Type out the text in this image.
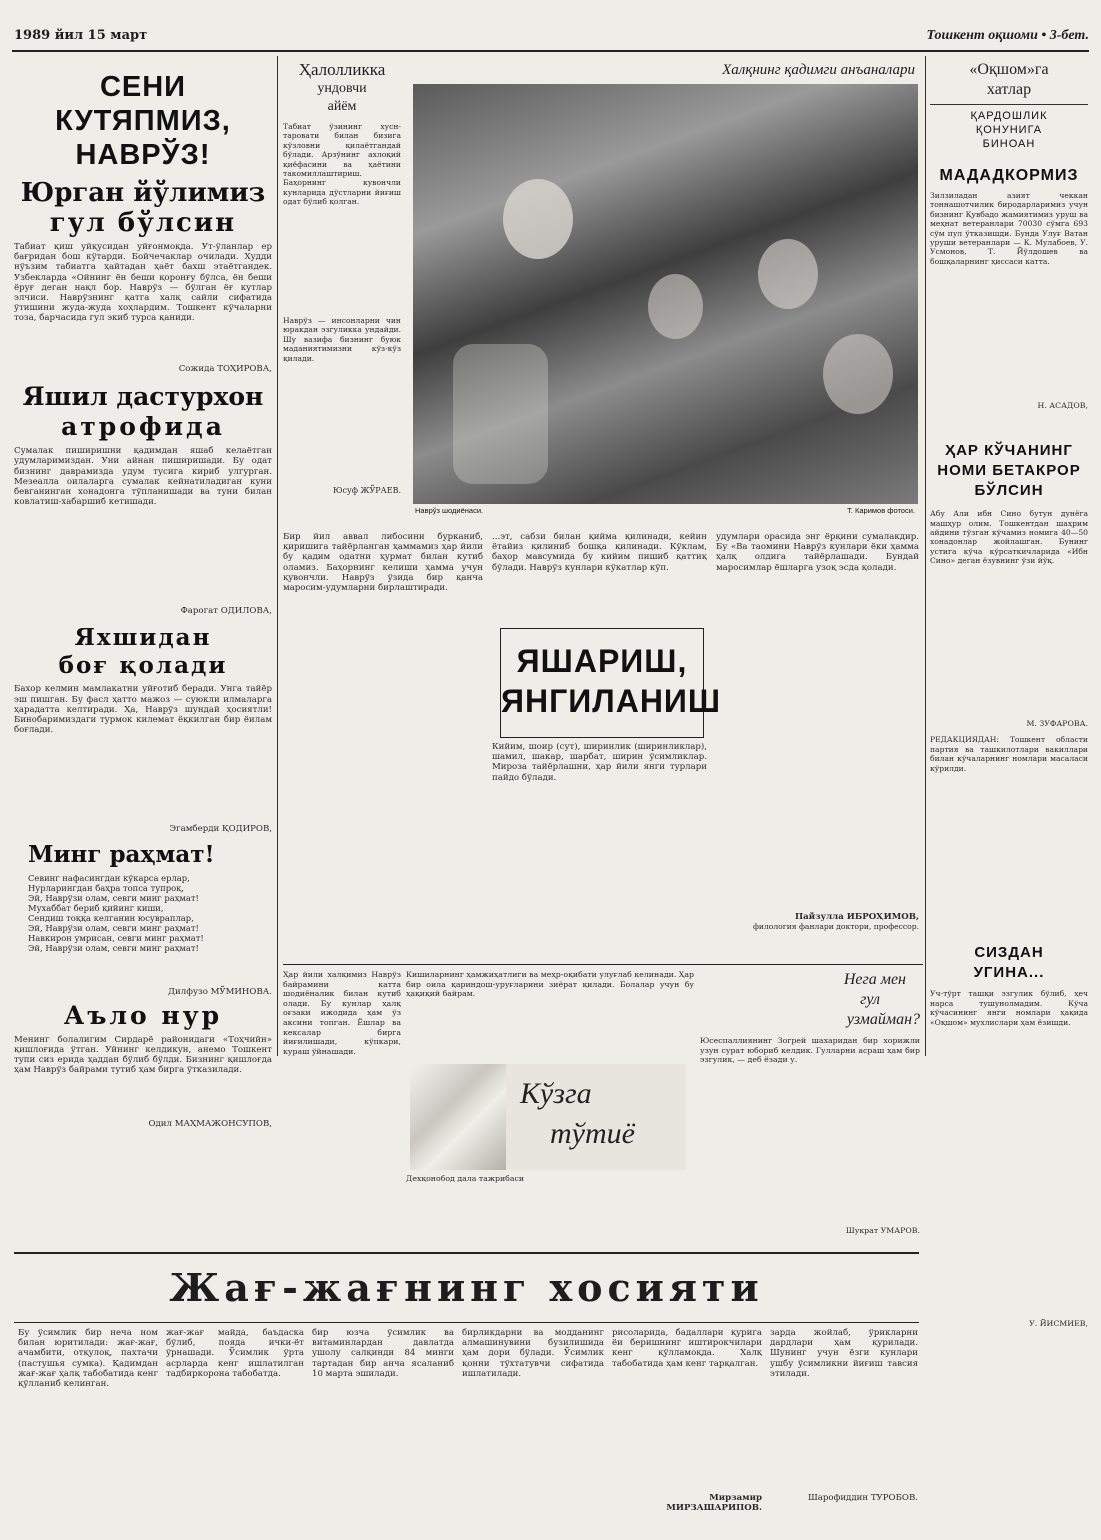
1989 йил 15 март	Тошкент оқшоми • 3-бет.
СЕНИ КУТЯПМИЗ,
НАВРЎЗ!
Юрган йўлимиз
гул бўлсин
Табиат қиш уйқусидан уйғонмоқда. Ут-ўланлар ер бағридан бош кўтарди. Бойчечаклар очилади. Худди нўъзим табиатга ҳайтадан ҳаёт бахш этаётгандек. Узбекларда «Ойнинг ён беши қоронғу бўлса, ён беши ёруғ деган нақл бор. Наврўз — бўлган ёғ кутлар элчиси. Наврўзнинг қатга халқ сайли сифатида ўтишини жуда-жуда хоҳлардим. Тошкент кўчаларни тоза, барчасида гул экиб турса қаниди.
Сожида ТОҲИРОВА,
Яшил дастурхон
атрофида
Сумалак пиширишни қадимдан яшаб келаётган удумларимиздан. Уни айнан пиширишади. Бу одат бизнинг даврамизда удум тусига кириб улгурган. Мезеалла оилаларга сумалак кейнатиладиган куни бевганинган хонадонга тўпланишади ва туни билан ковлатиш-хабаршиб кетишади.
Фарогат ОДИЛОВА,
Яхшидан
боғ қолади
Бахор келмин мамлакатни уйғотиб беради. Унга тайёр эш пишган. Бу фасл ҳатто мажоз — суюкли илмаларга ҳарадатта келтиради. Ҳа, Наврўз шундай ҳосиятли! Бинобаримиздаги турмок килемат ёқкилган бир ёилам боғлади.
Эгамберди ҚОДИРОВ,
Минг раҳмат!
Севинг нафасингдан кўкарса ерлар,
Нурларингдан баҳра топса тупроқ,
Эй, Наврўзи олам, севги минг раҳмат!
Мухаббат бериб қийинг киши,
Сендиш тоққа келганин юсувраплар,
Эй, Наврўзи олам, севги минг раҳмат!
Навкирон умрисан, севги минг раҳмат!
Эй, Наврўзи олам, севги минг раҳмат!
Дилфузо МЎМИНОВА.
Аълo нур
Менинг болалигим Сирдарё районидаги «Тоҳчийн» қишлоғида ўтган. Уйнинг келдикун, анемо Тошкент тупи сиз ерида ҳаддан бўлиб бўлди. Бизнинг қишлоғда ҳам Наврўз байрами тутиб ҳам бирга ўтказилади.
Одил МАҲМАЖОНСУПОВ,
Ҳалолликка
ундовчи
айём
Табиат ўзининг хусн-таровати билан бизига кўзловни қилаётгандай бўлади. Арзўнинг ахлоқий қиёфасини ва ҳаётини такомиллаштириш. Баҳорнинг кувончли кунларида дўстларни йиғиш одат бўлиб қолган.
Наврўз — инсонларни чин юракдан эзгуликка ундайди. Шу вазифа бизнинг буюк маданиятимизни кўз-кўз қилади.
Юсуф ЖЎРАЕВ.
Халқнинг қадимги анъаналари
Наврўз шодиёнаси.	Т. Каримов фотоси.
«Оқшом»га
хатлар
ҚАРДОШЛИК
ҚОНУНИГА
БИНОАН
МАДАДКОРМИЗ
Зилзиладан азият чеккан тоннашотчилик биродарларимиз учун бизнинг Қувбадо жамиятимиз уруш ва меҳнат ветеранлари 70030 сўмга 693 сўм пул ўтказишди. Бунда Улуғ Ватан уруши ветеранлари — К. Мулабоев, У. Усмонов, Т. Йўлдошев ва бошқаларнинг ҳиссаси катта.
Н. АСАДОВ,
ҲАР КЎЧАНИНГ
НОМИ БЕТАКРОР
БЎЛСИН
Абу Али ибн Сино бутун дунёга машҳур олим. Тошкентдан шаҳрим айдини тўзган кўчамиз номига 40—50 хонадонлар жойлашган. Бунинг устига кўча кўрсаткичларида «Ибн Сино» деган ёзувнинг ўзи йўқ.
М. ЗУФАРОВА.
РЕДАКЦИЯДАН: Тошкент области партия ва ташкилотлари вакиллари билан кўчаларнинг номлари масаласи кўрилди.
СИЗДАН
УГИНА...
Уч-тўрт ташқи эзгулик бўлиб, ҳеч нарса тушунолмадим. Кўча кўчасининг янги номлари ҳақида «Оқшом» мухлислари ҳам ёзишди.
У. ЙИСМИЕВ,
Бир йил аввал либосини бурканиб, қиришига тайёрланган ҳаммамиз ҳар йили бу қадим одатни ҳурмат билан кутиб оламиз. Баҳорнинг келиши ҳамма учун қувончли. Наврўз ўзида бир қанча маросим-удумларни бирлаштиради.
...эт, сабзи билан қийма қилинади, кейин ётайиз қилиниб бошқа қилинади. Кўклам, баҳор мавсумида бу кийим пишиб қаттиқ бўлади. Наврўз кунлари кўкатлар кўп.
ЯШАРИШ,
ЯНГИЛАНИШ
Кийим, шоир (сут), ширинлик (ширинликлар), шамил, шакар, шарбат, ширин ўсимликлар. Мироза тайёрлашни, ҳар йили янги турлари пайдо бўлади.
удумлари орасида энг ёрқини сумалакдир. Бу «Ва таомини Наврўз кунлари ёки ҳамма ҳалқ олдига тайёрлашади. Бундай маросимлар ёшларга узоқ эсда қолади.
Пайзулла ИБРОҲИМОВ,
филология фанлари доктори, профессор.
Ҳар йили халқимиз Наврўз байрамини катта шодиёналик билан кутиб олади. Бу кунлар ҳалқ оғзаки ижодида ҳам ўз аксини топган. Ёшлар ва кексалар бирга йиғилишади, кўпкари, кураш ўйнашади.
Кишиларнинг ҳамжиҳатлиги ва меҳр-оқибати улуғлаб келинади. Ҳар бир оила қариндош-уруғларини зиёрат қилади. Болалар учун бу ҳақиқий байрам.
Кўзга
тўтиё
Дехқонобод дала тажрибаси
Нега мен
гул
узмайман?
Юсеспаллиянинг Зогрей шахаридан бир хорижли узун сурат юбориб келдик. Гулларни асраш ҳам бир эзгулик, — деб ёзади у.
Шукрат УМАРОВ.
Жағ-жағнинг хосияти
Бу ўсимлик бир неча ном билан юритилади: жағ-жағ, ачамбити, отқулоқ, пахтачи (пастушья сумка). Қадимдан жағ-жағ ҳалқ табобатида кенг қўлланиб келинган.
жағ-жағ майда, баъдаска бўлиб, пояда ички-ёт ўрнашади. Ўсимлик ўрта асрларда кенг ишлатилган тадбиркорона табобатда.
бир юзча ўсимлик ва витаминлардан давлатда ушолу салқинди 84 минги тартадан бир анча ясаланиб 10 марта эшилади.
бирликдарни ва модданинг алмашинувини бузилишида ҳам дори бўлади. Ўсимлик қонни тўхтатувчи сифатида ишлатилади.
рисоларида, бадаллари қурига ёи беришнинг иштирокчилари кенг қўлламоқда. Халқ табобатида ҳам кенг тарқалган.
Мирзамир МИРЗАШАРИПОВ.
зарда жойлаб, ўрикларни дардлари ҳам қурилади. Шунинг учун ёзги кунлари ушбу ўсимликни йиғиш тавсия этилади.
Шарофиддин ТУРОБОВ.
